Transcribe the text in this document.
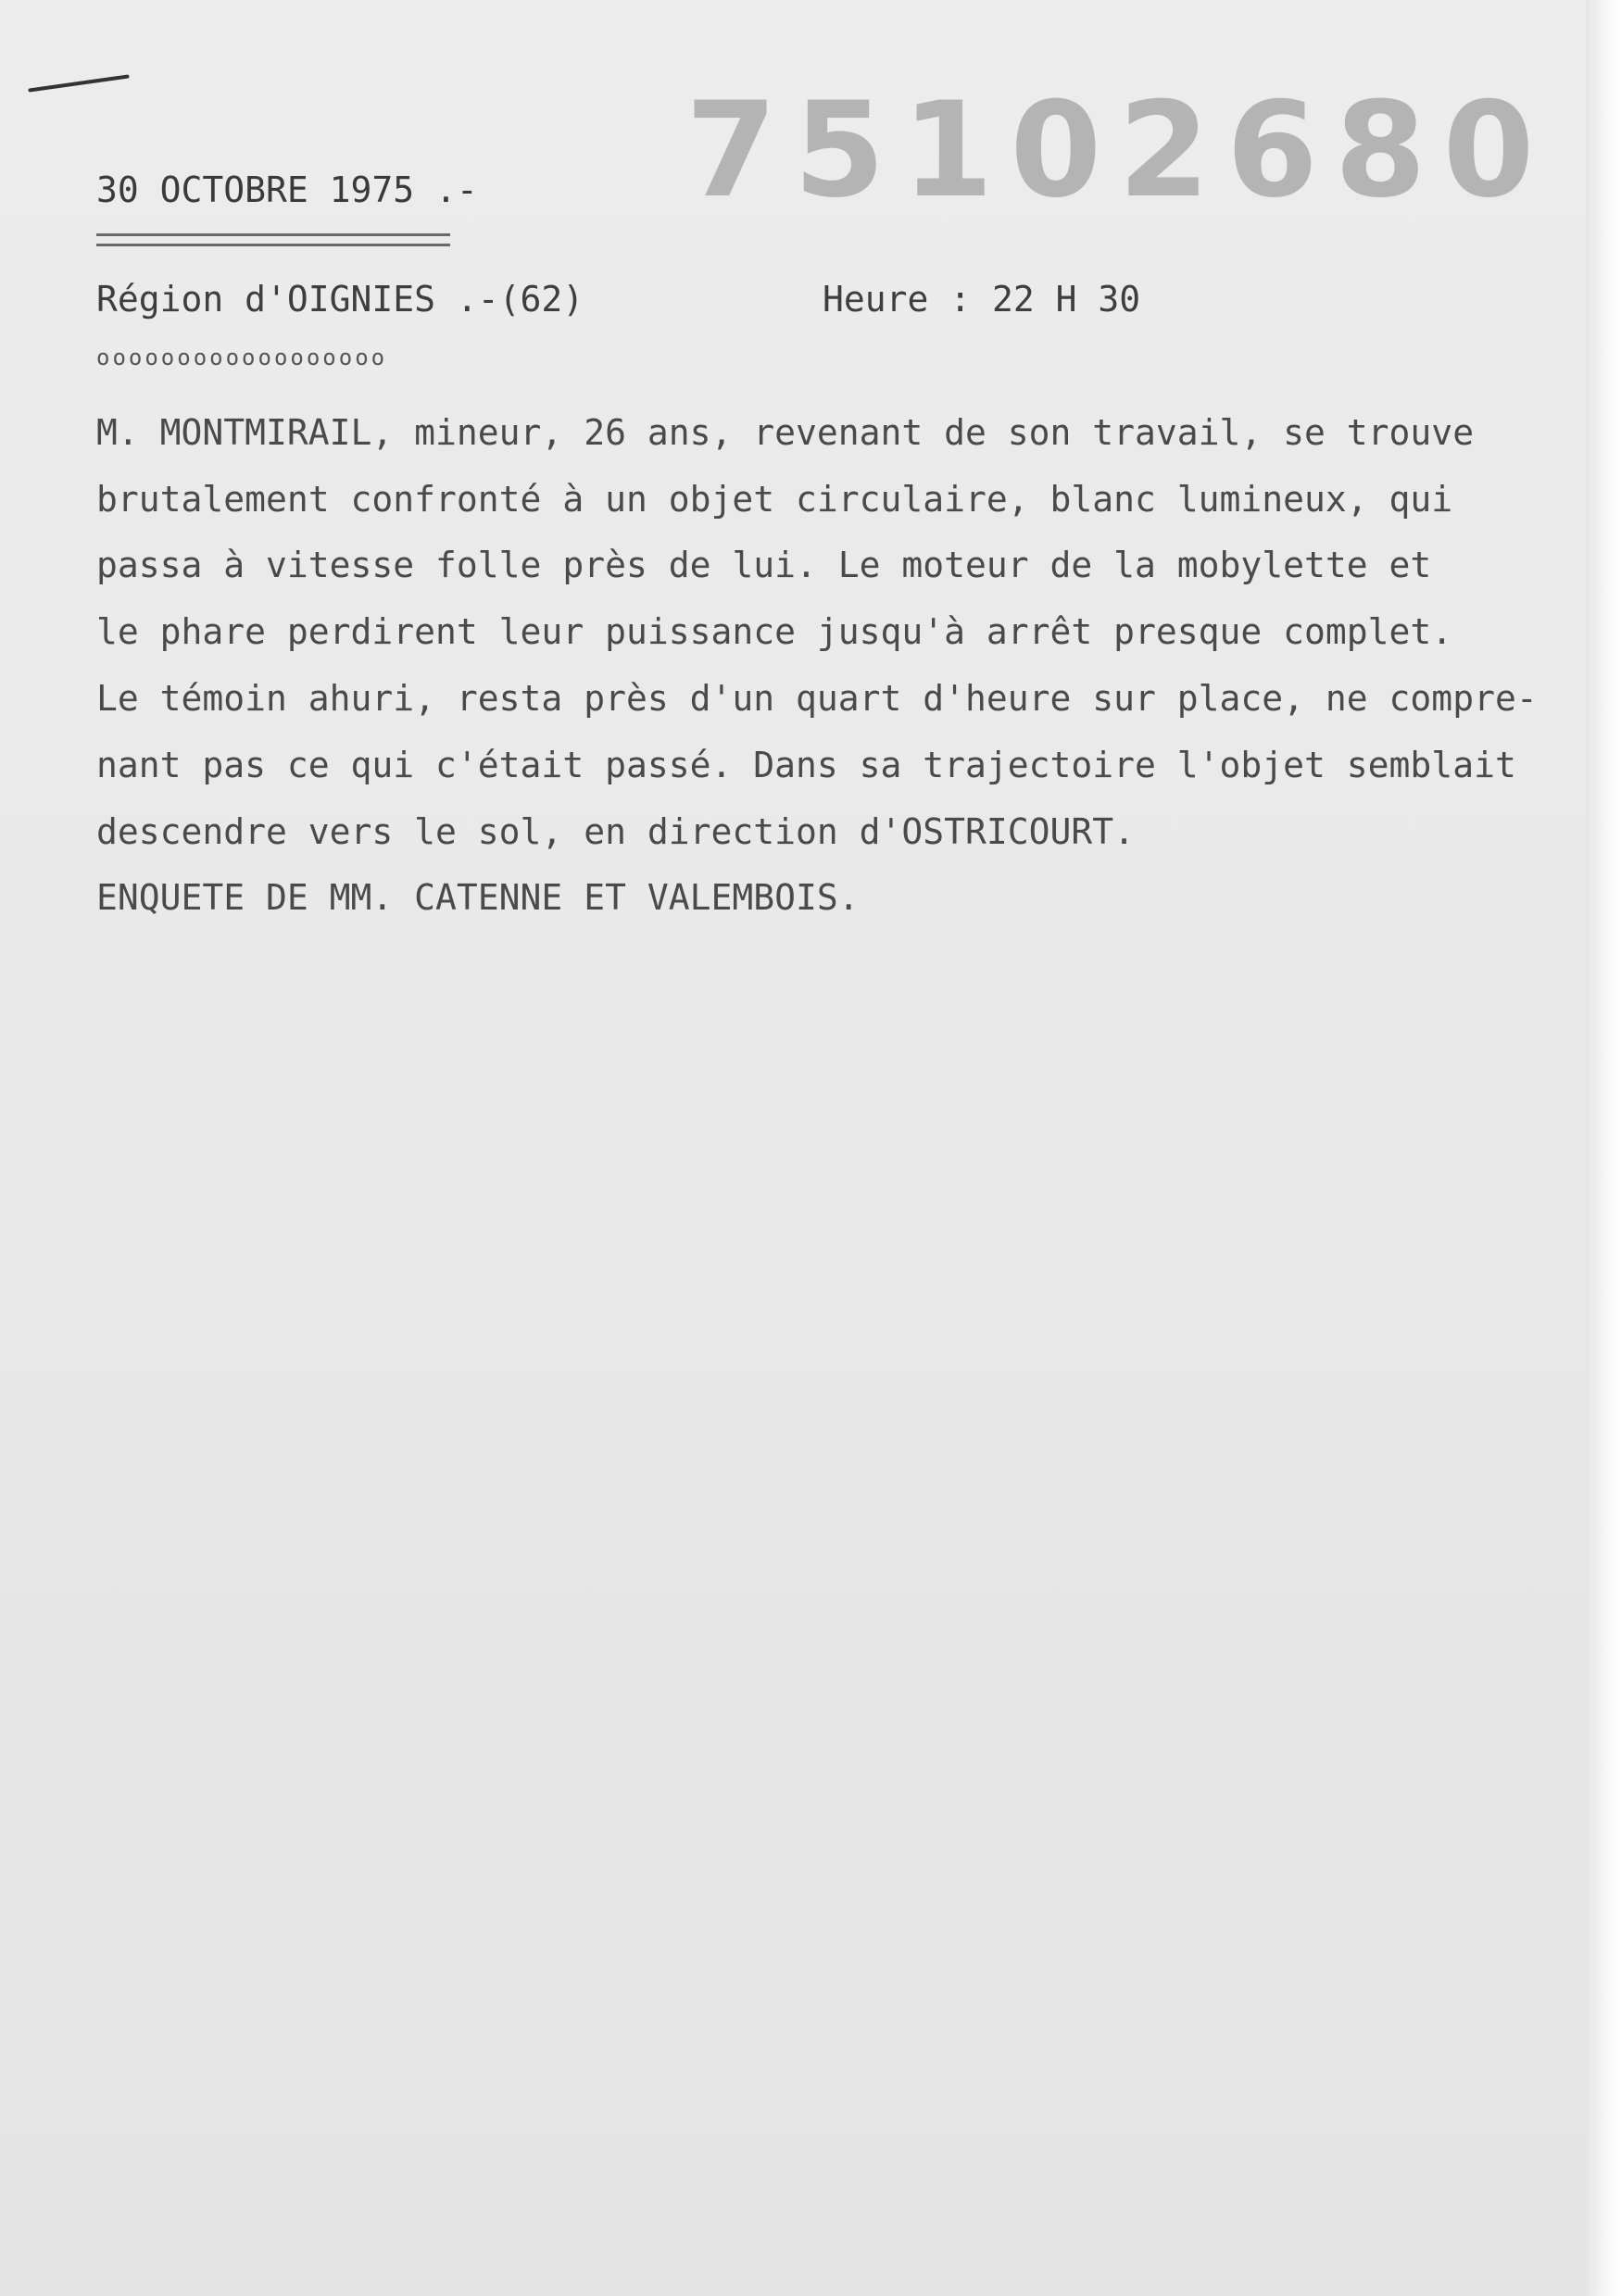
75102680
30 OCTOBRE 1975 .-
Région d'OIGNIES .-(62)	Heure : 22 H 30
oooooooooooooooooo
M. MONTMIRAIL, mineur, 26 ans, revenant de son travail, se trouve
brutalement confronté à un objet circulaire, blanc lumineux, qui
passa à vitesse folle près de lui. Le moteur de la mobylette et
le phare perdirent leur puissance jusqu'à arrêt presque complet.
Le témoin ahuri, resta près d'un quart d'heure sur place, ne compre-
nant pas ce qui c'était passé. Dans sa trajectoire l'objet semblait
descendre vers le sol, en direction d'OSTRICOURT.
ENQUETE DE MM. CATENNE ET VALEMBOIS.
